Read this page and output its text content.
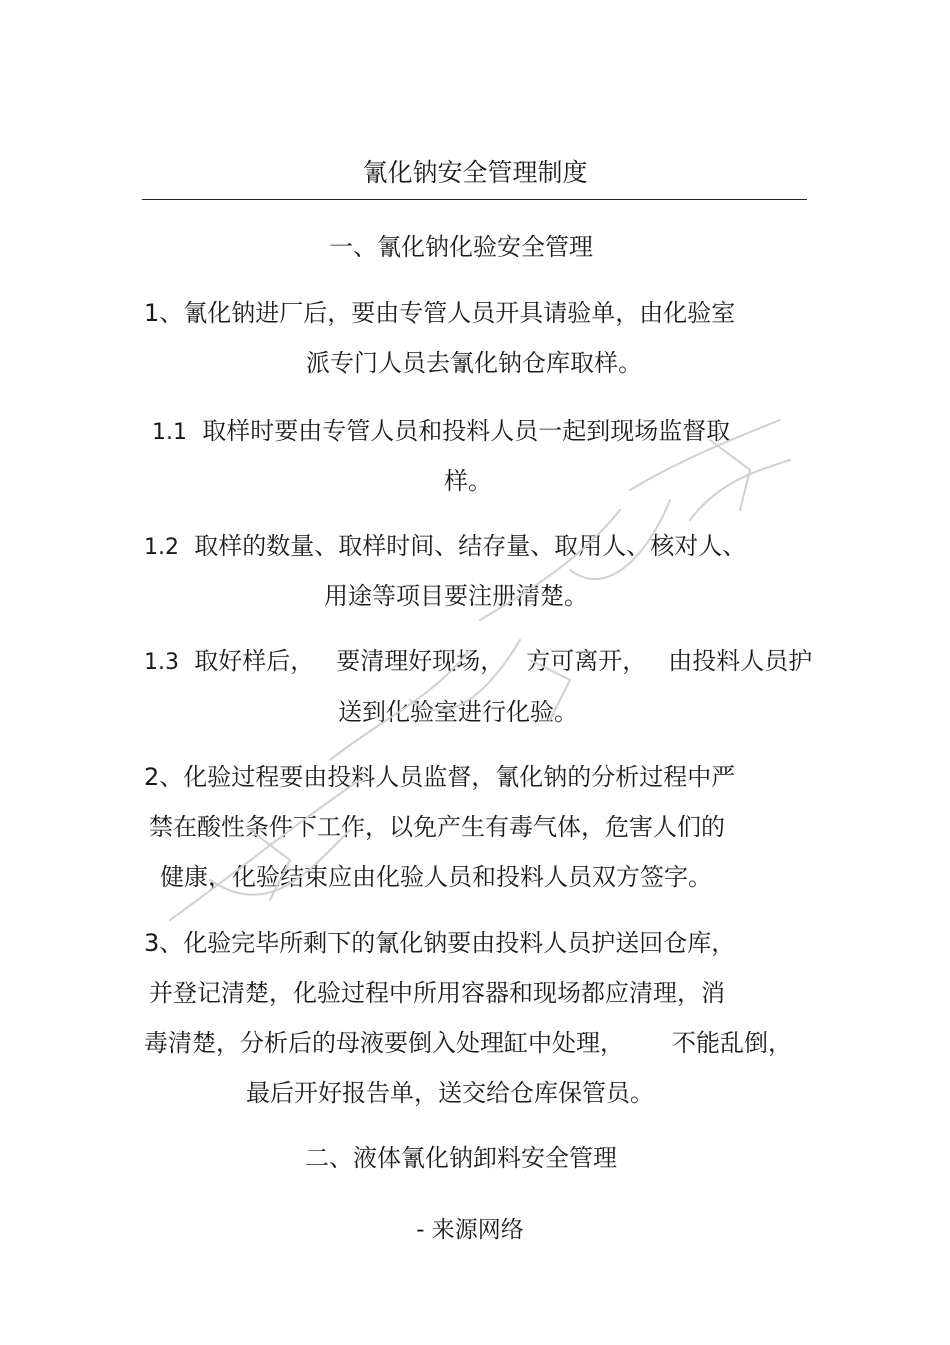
氰化钠安全管理制度
一、氰化钠化验安全管理
1、氰化钠进厂后，要由专管人员开具请验单，由化验室
派专门人员去氰化钠仓库取样。
1.1 取样时要由专管人员和投料人员一起到现场监督取
样。
1.2 取样的数量、取样时间、结存量、取用人、核对人、
用途等项目要注册清楚。
1.3 取好样后， 要清理好现场， 方可离开， 由投料人员护
送到化验室进行化验。
2、化验过程要由投料人员监督，氰化钠的分析过程中严
禁在酸性条件下工作，以免产生有毒气体，危害人们的
健康，化验结束应由化验人员和投料人员双方签字。
3、化验完毕所剩下的氰化钠要由投料人员护送回仓库，
并登记清楚，化验过程中所用容器和现场都应清理，消
毒清楚，分析后的母液要倒入处理缸中处理， 不能乱倒，
最后开好报告单，送交给仓库保管员。
二、液体氰化钠卸料安全管理
- 来源网络
